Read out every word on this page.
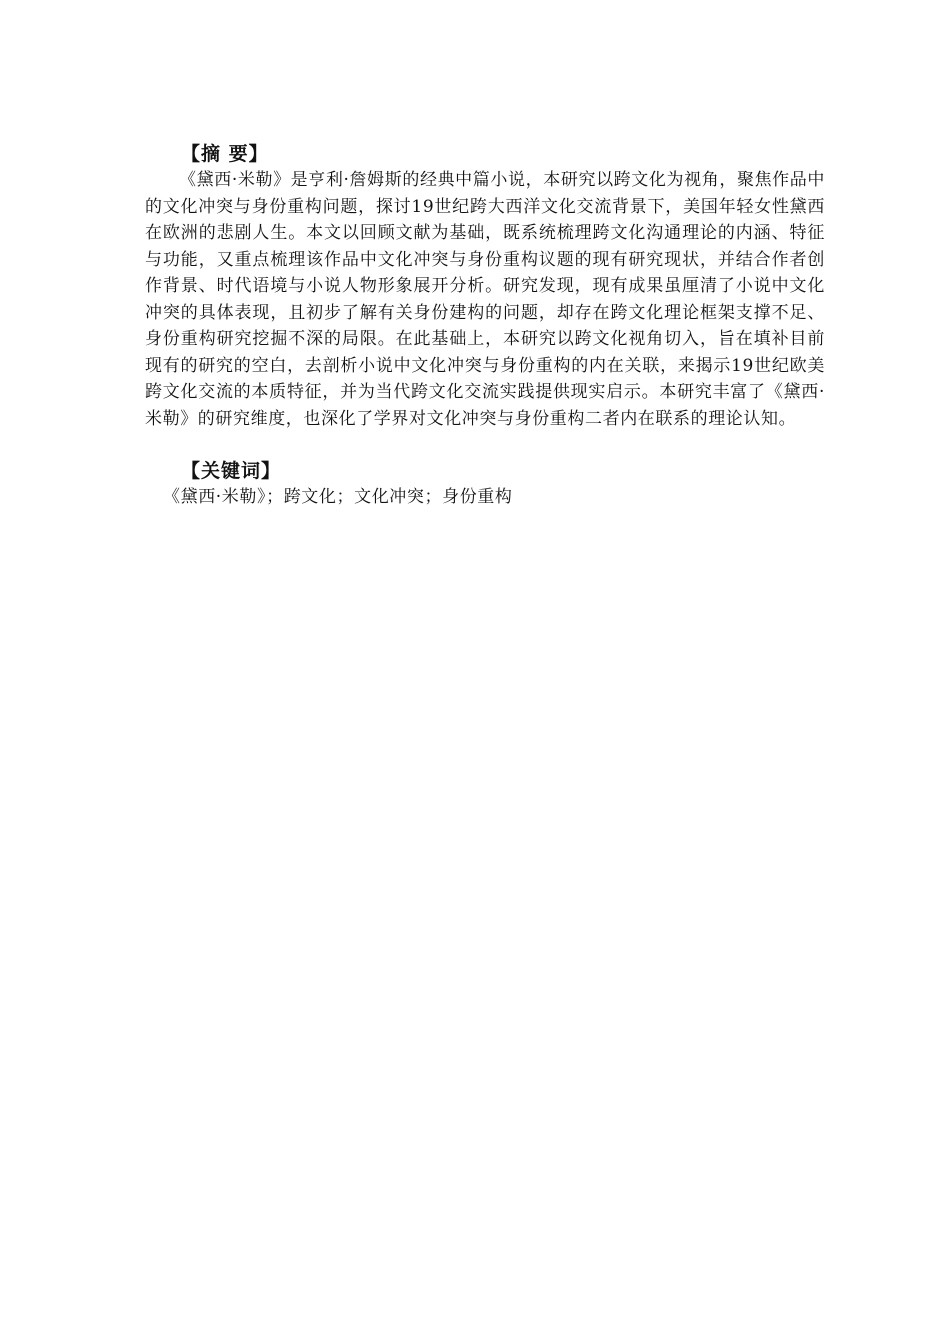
【摘 要】

《黛西·米勒》是亨利·詹姆斯的经典中篇小说，本研究以跨文化为视角，聚焦作品中的文化冲突与身份重构问题，探讨19世纪跨大西洋文化交流背景下，美国年轻女性黛西在欧洲的悲剧人生。本文以回顾文献为基础，既系统梳理跨文化沟通理论的内涵、特征与功能，又重点梳理该作品中文化冲突与身份重构议题的现有研究现状，并结合作者创作背景、时代语境与小说人物形象展开分析。研究发现，现有成果虽厘清了小说中文化冲突的具体表现，且初步了解有关身份建构的问题，却存在跨文化理论框架支撑不足、身份重构研究挖掘不深的局限。在此基础上，本研究以跨文化视角切入，旨在填补目前现有的研究的空白，去剖析小说中文化冲突与身份重构的内在关联，来揭示19世纪欧美跨文化交流的本质特征，并为当代跨文化交流实践提供现实启示。本研究丰富了《黛西·米勒》的研究维度，也深化了学界对文化冲突与身份重构二者内在联系的理论认知。

【关键词】

《黛西·米勒》；跨文化；文化冲突；身份重构
